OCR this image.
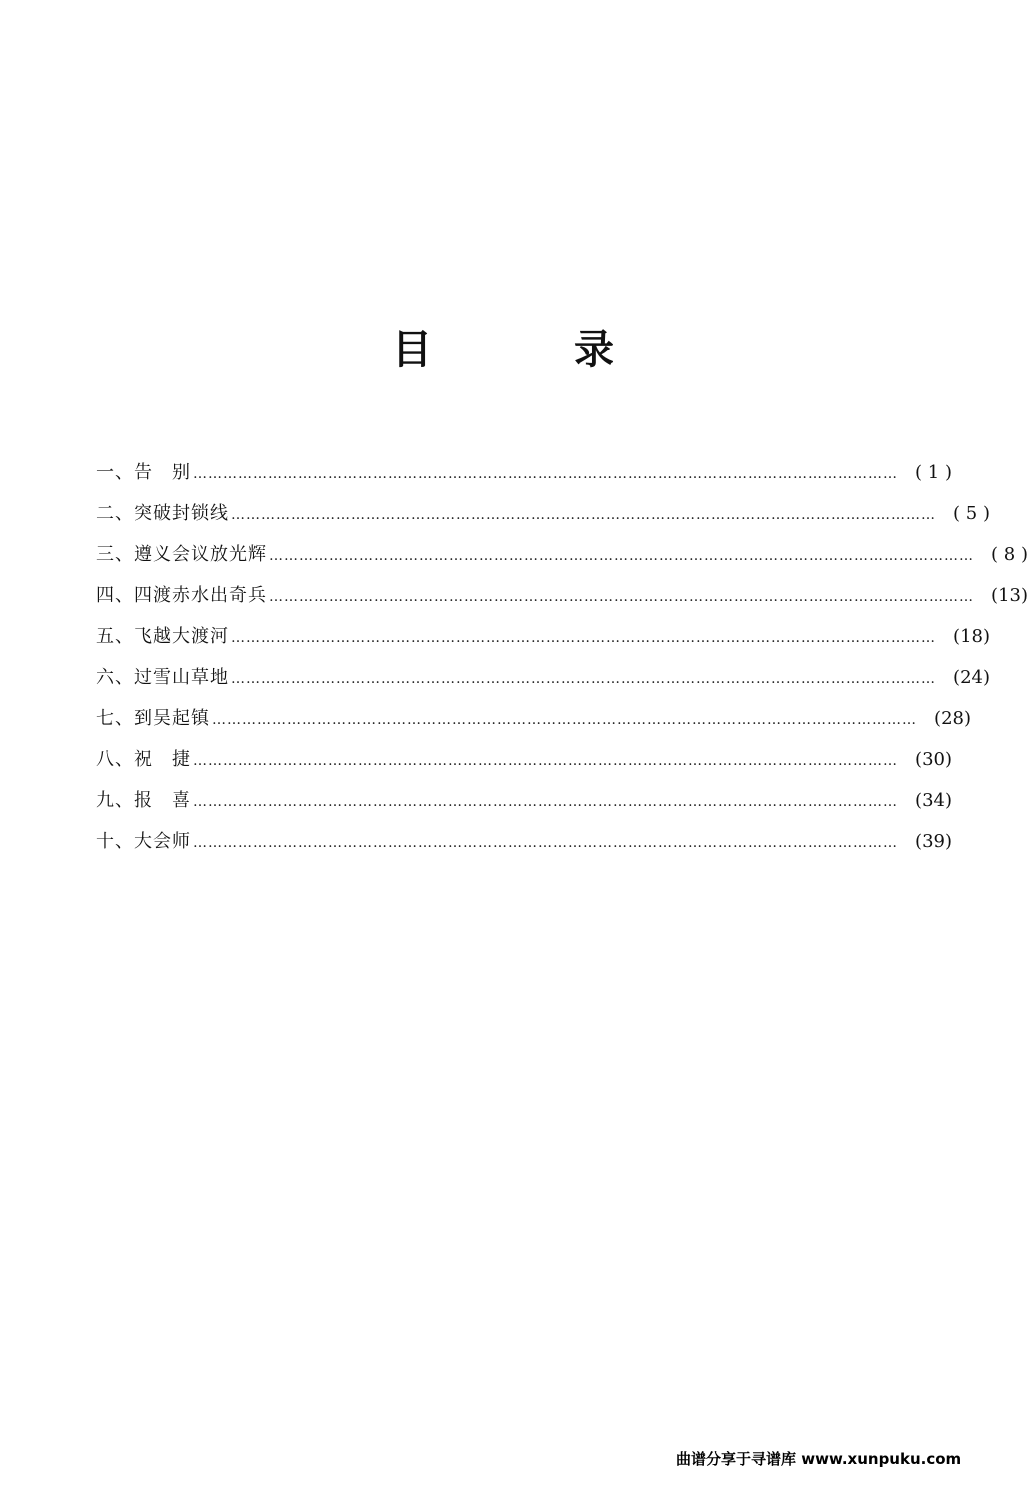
目	录
一、告　别 …………………………………………………………………………………………………………………………… ( 1 )
二、突破封锁线 …………………………………………………………………………………………………………………………… ( 5 )
三、遵义会议放光辉 …………………………………………………………………………………………………………………………… ( 8 )
四、四渡赤水出奇兵 …………………………………………………………………………………………………………………………… (13)
五、飞越大渡河 …………………………………………………………………………………………………………………………… (18)
六、过雪山草地 …………………………………………………………………………………………………………………………… (24)
七、到吴起镇 …………………………………………………………………………………………………………………………… (28)
八、祝　捷 …………………………………………………………………………………………………………………………… (30)
九、报　喜 …………………………………………………………………………………………………………………………… (34)
十、大会师 …………………………………………………………………………………………………………………………… (39)
曲谱分享于寻谱库 www.xunpuku.com
